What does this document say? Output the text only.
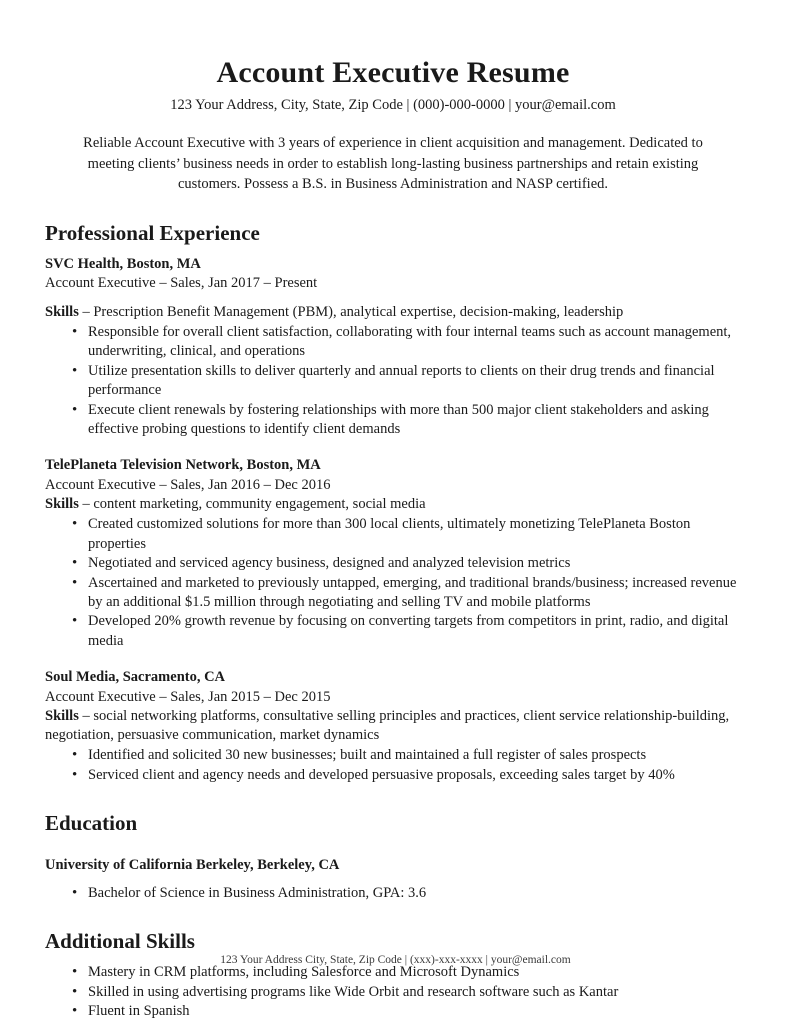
Account Executive Resume
123 Your Address, City, State, Zip Code | (000)-000-0000 | your@email.com
Reliable Account Executive with 3 years of experience in client acquisition and management. Dedicated to meeting clients’ business needs in order to establish long-lasting business partnerships and retain existing customers. Possess a B.S. in Business Administration and NASP certified.
Professional Experience
SVC Health, Boston, MA
Account Executive – Sales, Jan 2017 – Present
Skills – Prescription Benefit Management (PBM), analytical expertise, decision-making, leadership
• Responsible for overall client satisfaction, collaborating with four internal teams such as account management, underwriting, clinical, and operations
• Utilize presentation skills to deliver quarterly and annual reports to clients on their drug trends and financial performance
• Execute client renewals by fostering relationships with more than 500 major client stakeholders and asking effective probing questions to identify client demands
TelePlaneta Television Network, Boston, MA
Account Executive – Sales, Jan 2016 – Dec 2016
Skills – content marketing, community engagement, social media
• Created customized solutions for more than 300 local clients, ultimately monetizing TelePlaneta Boston properties
• Negotiated and serviced agency business, designed and analyzed television metrics
• Ascertained and marketed to previously untapped, emerging, and traditional brands/business; increased revenue by an additional $1.5 million through negotiating and selling TV and mobile platforms
• Developed 20% growth revenue by focusing on converting targets from competitors in print, radio, and digital media
Soul Media, Sacramento, CA
Account Executive – Sales, Jan 2015 – Dec 2015
Skills – social networking platforms, consultative selling principles and practices, client service relationship-building, negotiation, persuasive communication, market dynamics
• Identified and solicited 30 new businesses; built and maintained a full register of sales prospects
• Serviced client and agency needs and developed persuasive proposals, exceeding sales target by 40%
Education
University of California Berkeley, Berkeley, CA
• Bachelor of Science in Business Administration, GPA: 3.6
Additional Skills
• Mastery in CRM platforms, including Salesforce and Microsoft Dynamics
• Skilled in using advertising programs like Wide Orbit and research software such as Kantar
• Fluent in Spanish
123 Your Address City, State, Zip Code | (xxx)-xxx-xxxx | your@email.com
